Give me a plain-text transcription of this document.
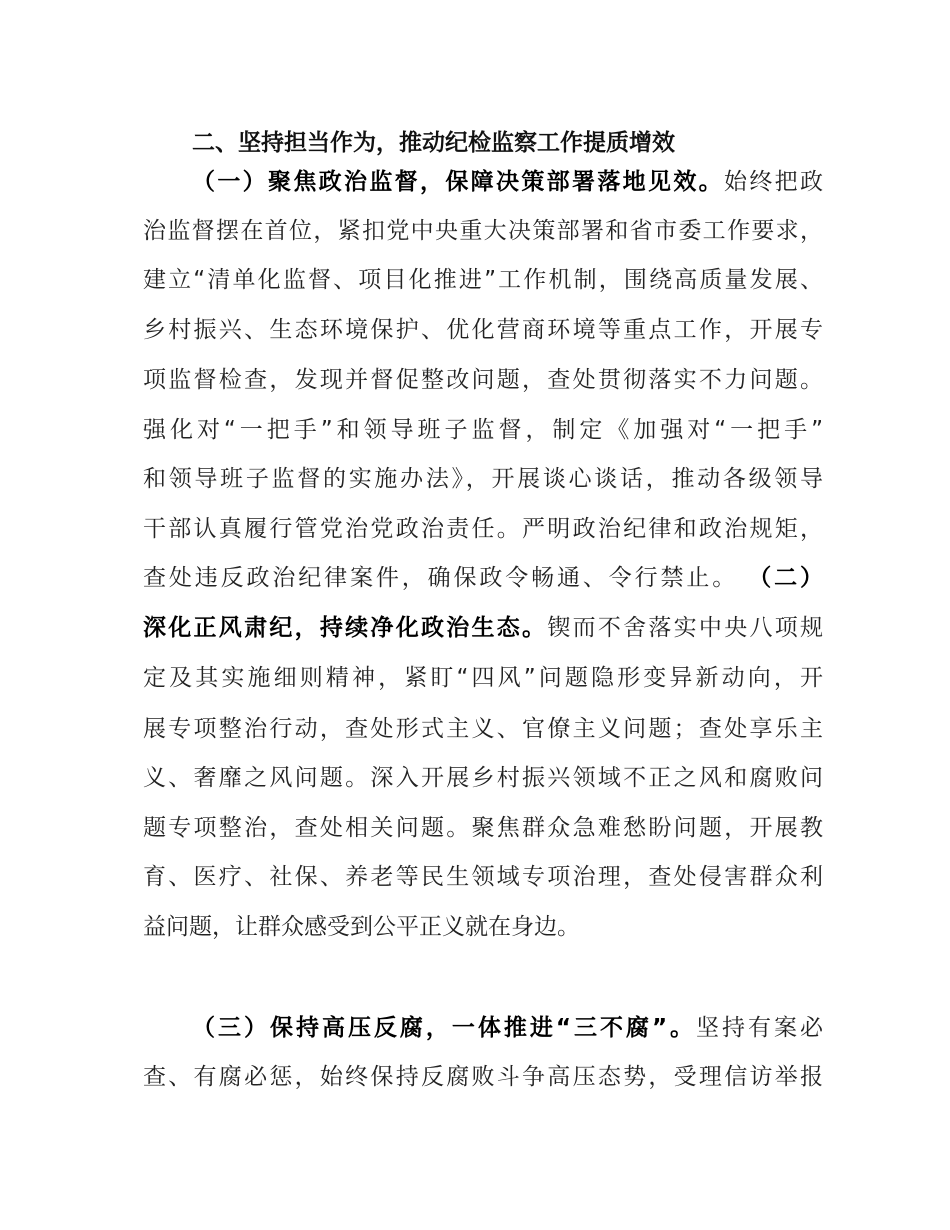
二、坚持担当作为，推动纪检监察工作提质增效
（一）聚焦政治监督，保障决策部署落地见效。始终把政
治监督摆在首位，紧扣党中央重大决策部署和省市委工作要求，
建立“清单化监督、项目化推进”工作机制，围绕高质量发展、
乡村振兴、生态环境保护、优化营商环境等重点工作，开展专
项监督检查，发现并督促整改问题，查处贯彻落实不力问题。
强化对“一把手”和领导班子监督，制定《加强对“一把手”
和领导班子监督的实施办法》，开展谈心谈话，推动各级领导
干部认真履行管党治党政治责任。严明政治纪律和政治规矩，
查处违反政治纪律案件，确保政令畅通、令行禁止。 （二）
深化正风肃纪，持续净化政治生态。锲而不舍落实中央八项规
定及其实施细则精神，紧盯“四风”问题隐形变异新动向，开
展专项整治行动，查处形式主义、官僚主义问题；查处享乐主
义、奢靡之风问题。深入开展乡村振兴领域不正之风和腐败问
题专项整治，查处相关问题。聚焦群众急难愁盼问题，开展教
育、医疗、社保、养老等民生领域专项治理，查处侵害群众利
益问题，让群众感受到公平正义就在身边。
（三）保持高压反腐，一体推进“三不腐”。坚持有案必
查、有腐必惩，始终保持反腐败斗争高压态势，受理信访举报
